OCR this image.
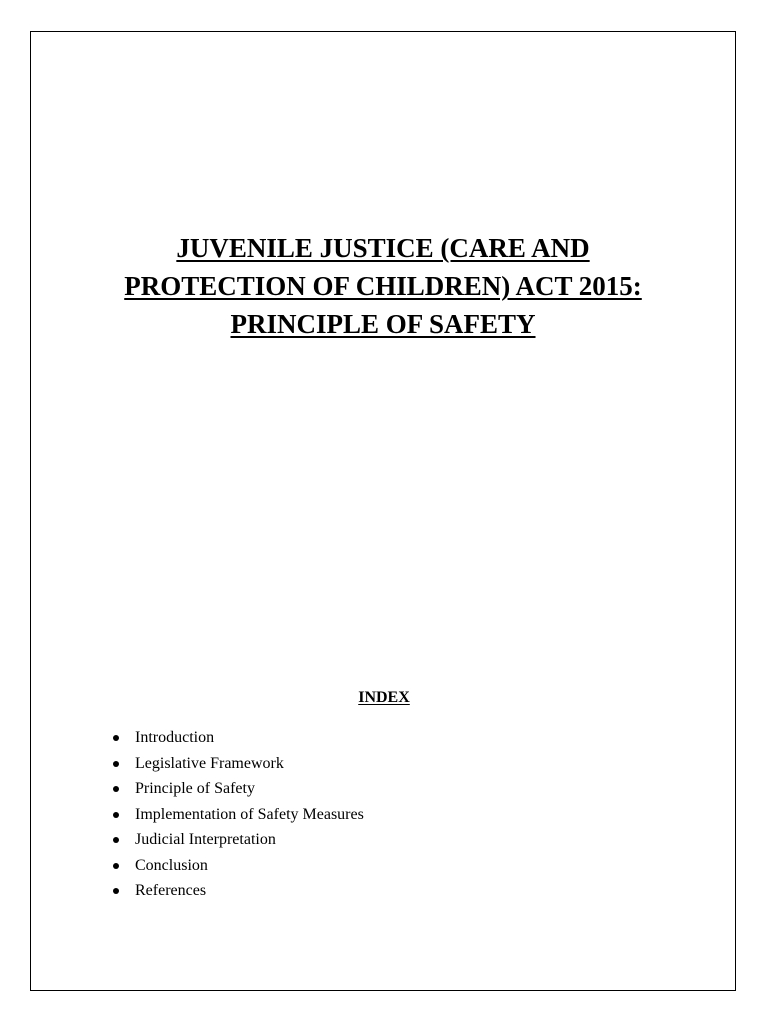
JUVENILE JUSTICE (CARE AND
PROTECTION OF CHILDREN) ACT 2015:
PRINCIPLE OF SAFETY
INDEX
Introduction
Legislative Framework
Principle of Safety
Implementation of Safety Measures
Judicial Interpretation
Conclusion
References
